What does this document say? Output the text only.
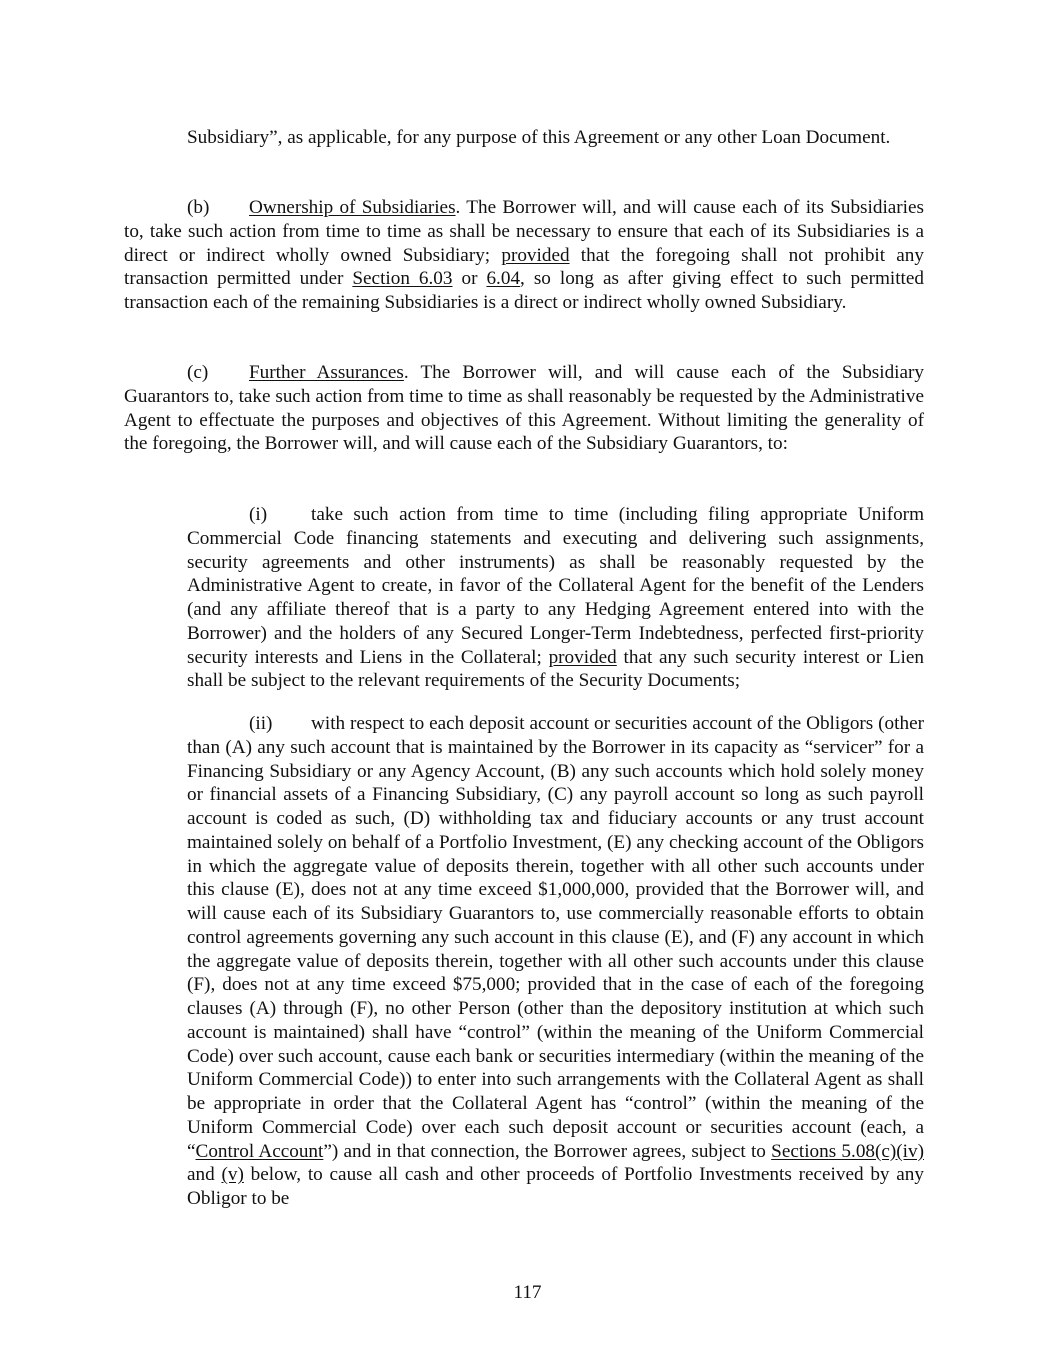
Subsidiary”, as applicable, for any purpose of this Agreement or any other Loan Document.

(b) Ownership of Subsidiaries. The Borrower will, and will cause each of its Subsidiaries to, take such action from time to time as shall be necessary to ensure that each of its Subsidiaries is a direct or indirect wholly owned Subsidiary; provided that the foregoing shall not prohibit any transaction permitted under Section 6.03 or 6.04, so long as after giving effect to such permitted transaction each of the remaining Subsidiaries is a direct or indirect wholly owned Subsidiary.

(c) Further Assurances. The Borrower will, and will cause each of the Subsidiary Guarantors to, take such action from time to time as shall reasonably be requested by the Administrative Agent to effectuate the purposes and objectives of this Agreement. Without limiting the generality of the foregoing, the Borrower will, and will cause each of the Subsidiary Guarantors, to:

(i) take such action from time to time (including filing appropriate Uniform Commercial Code financing statements and executing and delivering such assignments, security agreements and other instruments) as shall be reasonably requested by the Administrative Agent to create, in favor of the Collateral Agent for the benefit of the Lenders (and any affiliate thereof that is a party to any Hedging Agreement entered into with the Borrower) and the holders of any Secured Longer-Term Indebtedness, perfected first-priority security interests and Liens in the Collateral; provided that any such security interest or Lien shall be subject to the relevant requirements of the Security Documents;

(ii) with respect to each deposit account or securities account of the Obligors (other than (A) any such account that is maintained by the Borrower in its capacity as “servicer” for a Financing Subsidiary or any Agency Account, (B) any such accounts which hold solely money or financial assets of a Financing Subsidiary, (C) any payroll account so long as such payroll account is coded as such, (D) withholding tax and fiduciary accounts or any trust account maintained solely on behalf of a Portfolio Investment, (E) any checking account of the Obligors in which the aggregate value of deposits therein, together with all other such accounts under this clause (E), does not at any time exceed $1,000,000, provided that the Borrower will, and will cause each of its Subsidiary Guarantors to, use commercially reasonable efforts to obtain control agreements governing any such account in this clause (E), and (F) any account in which the aggregate value of deposits therein, together with all other such accounts under this clause (F), does not at any time exceed $75,000; provided that in the case of each of the foregoing clauses (A) through (F), no other Person (other than the depository institution at which such account is maintained) shall have “control” (within the meaning of the Uniform Commercial Code) over such account, cause each bank or securities intermediary (within the meaning of the Uniform Commercial Code)) to enter into such arrangements with the Collateral Agent as shall be appropriate in order that the Collateral Agent has “control” (within the meaning of the Uniform Commercial Code) over each such deposit account or securities account (each, a “Control Account”) and in that connection, the Borrower agrees, subject to Sections 5.08(c)(iv) and (v) below, to cause all cash and other proceeds of Portfolio Investments received by any Obligor to be

117
